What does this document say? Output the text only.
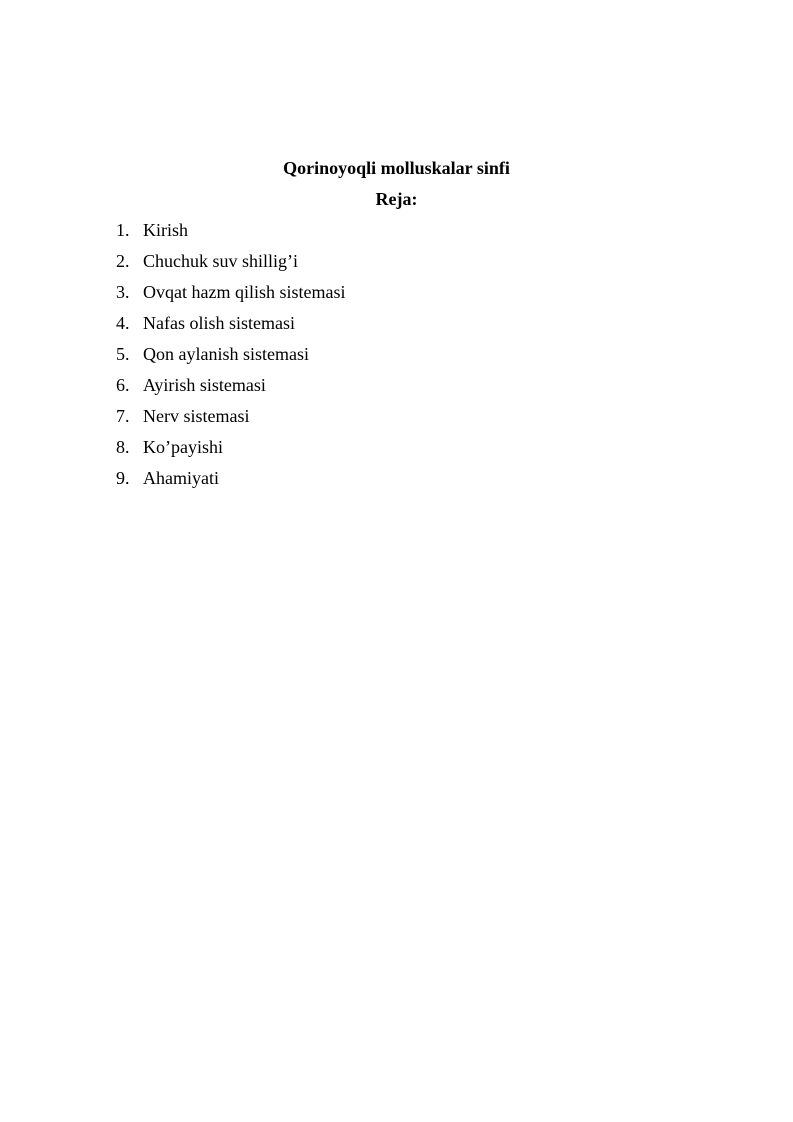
Qorinoyoqli molluskalar sinfi
Reja:
1. Kirish
2. Chuchuk suv shillig’i
3. Ovqat hazm qilish sistemasi
4. Nafas olish sistemasi
5. Qon aylanish sistemasi
6. Ayirish sistemasi
7. Nerv sistemasi
8. Ko’payishi
9. Ahamiyati
